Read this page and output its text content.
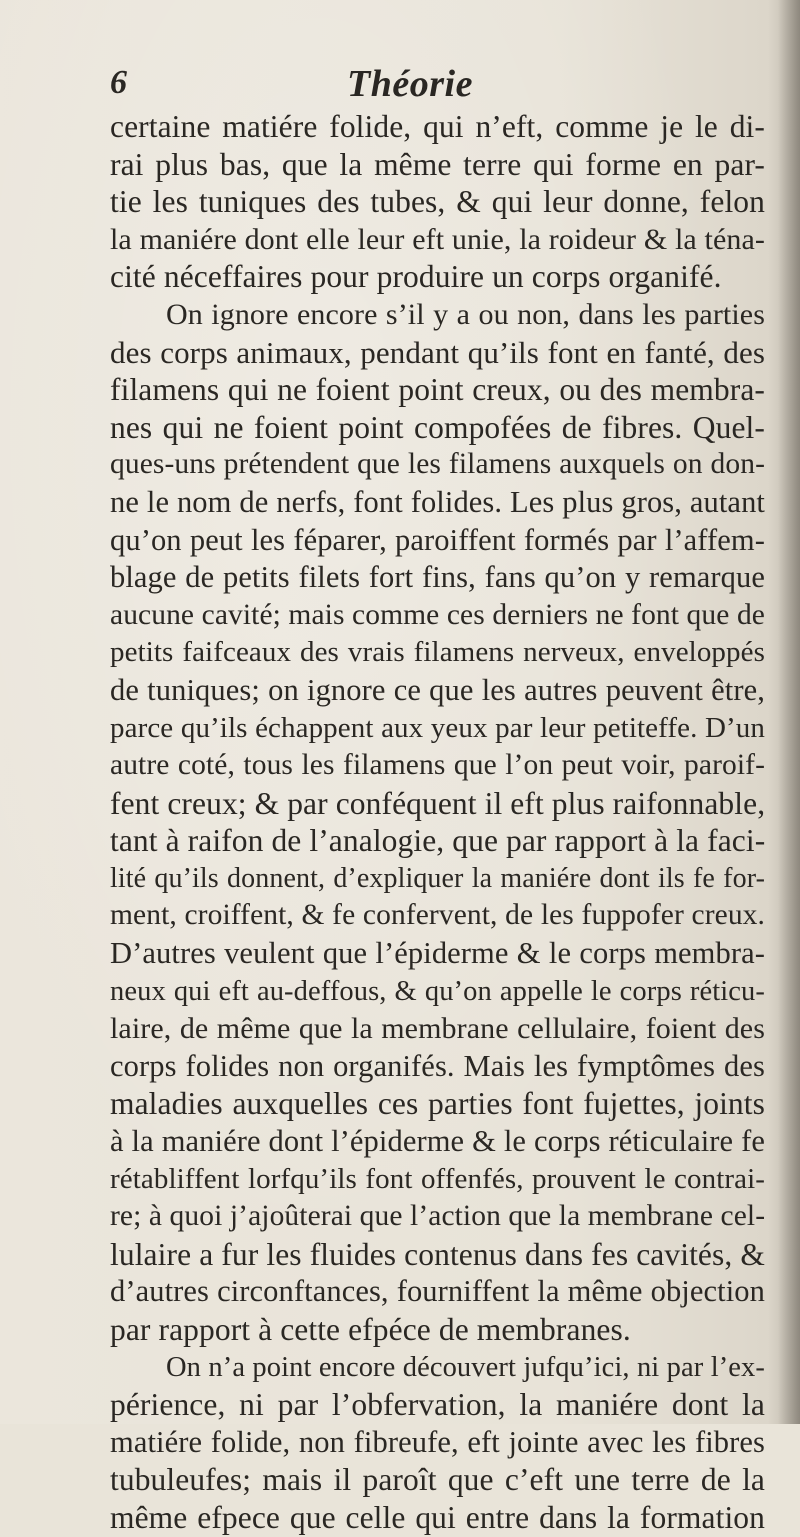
6	Théorie
certaine matiére folide, qui n’eft, comme je le di-
rai plus bas, que la même terre qui forme en par-
tie les tuniques des tubes, & qui leur donne, felon
la maniére dont elle leur eft unie, la roideur & la téna-
cité néceffaires pour produire un corps organifé.
On ignore encore s’il y a ou non, dans les parties
des corps animaux, pendant qu’ils font en fanté, des
filamens qui ne foient point creux, ou des membra-
nes qui ne foient point compofées de fibres. Quel-
ques-uns prétendent que les filamens auxquels on don-
ne le nom de nerfs, font folides. Les plus gros, autant
qu’on peut les féparer, paroiffent formés par l’affem-
blage de petits filets fort fins, fans qu’on y remarque
aucune cavité; mais comme ces derniers ne font que de
petits faifceaux des vrais filamens nerveux, enveloppés
de tuniques; on ignore ce que les autres peuvent être,
parce qu’ils échappent aux yeux par leur petiteffe. D’un
autre coté, tous les filamens que l’on peut voir, paroif-
fent creux; & par conféquent il eft plus raifonnable,
tant à raifon de l’analogie, que par rapport à la faci-
lité qu’ils donnent, d’expliquer la maniére dont ils fe for-
ment, croiffent, & fe confervent, de les fuppofer creux.
D’autres veulent que l’épiderme & le corps membra-
neux qui eft au-deffous, & qu’on appelle le corps réticu-
laire, de même que la membrane cellulaire, foient des
corps folides non organifés. Mais les fymptômes des
maladies auxquelles ces parties font fujettes, joints
à la maniére dont l’épiderme & le corps réticulaire fe
rétabliffent lorfqu’ils font offenfés, prouvent le contrai-
re; à quoi j’ajoûterai que l’action que la membrane cel-
lulaire a fur les fluides contenus dans fes cavités, &
d’autres circonftances, fourniffent la même objection
par rapport à cette efpéce de membranes.
On n’a point encore découvert jufqu’ici, ni par l’ex-
périence, ni par l’obfervation, la maniére dont la
matiére folide, non fibreufe, eft jointe avec les fibres
tubuleufes; mais il paroît que c’eft une terre de la
même efpece que celle qui entre dans la formation
